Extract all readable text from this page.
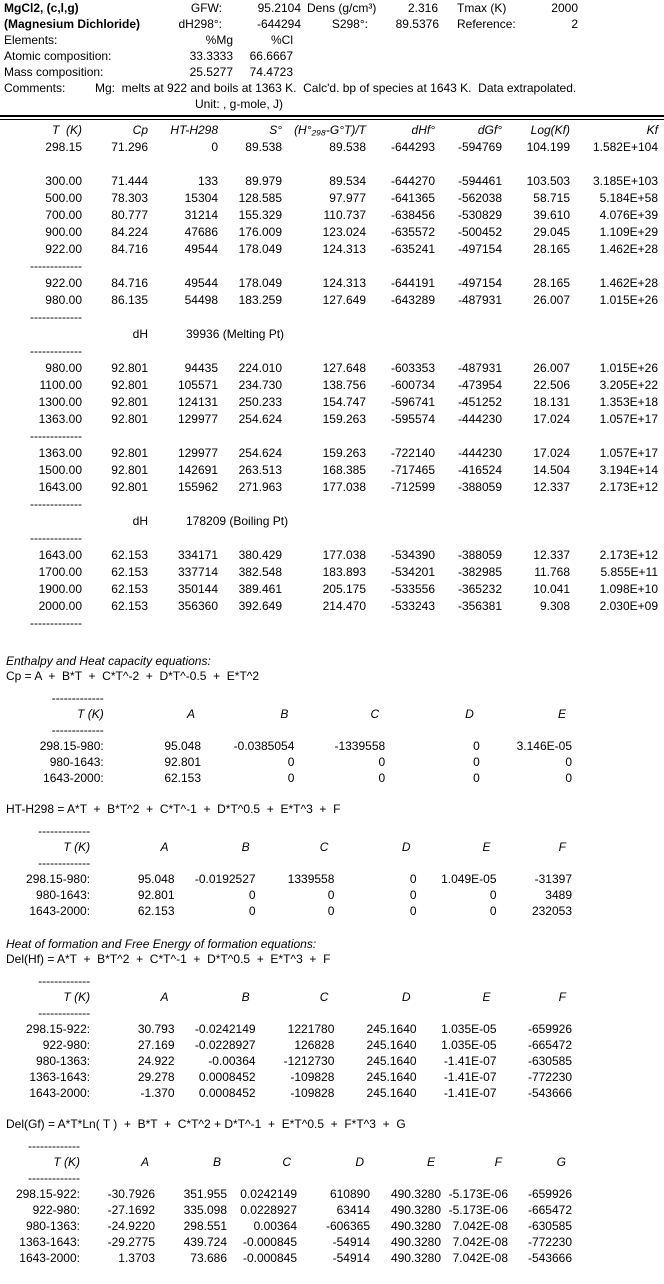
MgCl2, (c,l,g)	GFW:	95.2104 Dens (g/cm³)	2.316 Tmax (K)	2000
(Magnesium Dichloride)	dH298°:	-644294	S298°: 89.5376 Reference:	2
Elements:	%Mg	%Cl
Atomic composition:	33.3333 66.6667
Mass composition:	25.5277 74.4723
Comments: Mg:  melts at 922 and boils at 1363 K.  Calc'd. bp of species at 1643 K.  Data extrapolated.
Unit: , g-mole, J)
T  (K)	Cp	HT-H298	S°	(H°₂₉₈-G°T)/T	dHf°	dGf°	Log(Kf)	Kf
298.15	71.296	0	89.538	89.538	-644293	-594769	104.199	1.582E+104

300.00	71.444	133	89.979	89.534	-644270	-594461	103.503	3.185E+103
500.00	78.303	15304	128.585	97.977	-641365	-562038	58.715	5.184E+58
700.00	80.777	31214	155.329	110.737	-638456	-530829	39.610	4.076E+39
900.00	84.224	47686	176.009	123.024	-635572	-500452	29.045	1.109E+29
922.00	84.716	49544	178.049	124.313	-635241	-497154	28.165	1.462E+28
-------------								
922.00	84.716	49544	178.049	124.313	-644191	-497154	28.165	1.462E+28
980.00	86.135	54498	183.259	127.649	-643289	-487931	26.007	1.015E+26
-------------								
	dH	39936 (Melting Pt)						
-------------								
980.00	92.801	94435	224.010	127.648	-603353	-487931	26.007	1.015E+26
1100.00	92.801	105571	234.730	138.756	-600734	-473954	22.506	3.205E+22
1300.00	92.801	124131	250.233	154.747	-596741	-451252	18.131	1.353E+18
1363.00	92.801	129977	254.624	159.263	-595574	-444230	17.024	1.057E+17
-------------								
1363.00	92.801	129977	254.624	159.263	-722140	-444230	17.024	1.057E+17
1500.00	92.801	142691	263.513	168.385	-717465	-416524	14.504	3.194E+14
1643.00	92.801	155962	271.963	177.038	-712599	-388059	12.337	2.173E+12
-------------								
	dH	178209 (Boiling Pt)						
-------------								
1643.00	62.153	334171	380.429	177.038	-534390	-388059	12.337	2.173E+12
1700.00	62.153	337714	382.548	183.893	-534201	-382985	11.768	5.855E+11
1900.00	62.153	350144	389.461	205.175	-533556	-365232	10.041	1.098E+10
2000.00	62.153	356360	392.649	214.470	-533243	-356381	9.308	2.030E+09
-------------								
Enthalpy and Heat capacity equations:
Cp = A  +  B*T  +  C*T^-2  +  D*T^-0.5  +  E*T^2
-------------					
T (K)	A	B	C	D	E
-------------					
298.15-980:	95.048	-0.0385054	-1339558	0	3.146E-05
980-1643:	92.801	0	0	0	0
1643-2000:	62.153	0	0	0	0
HT-H298 = A*T  +  B*T^2  +  C*T^-1  +  D*T^0.5  +  E*T^3  +  F
-------------						
T (K)	A	B	C	D	E	F
-------------						
298.15-980:	95.048	-0.0192527	1339558	0	1.049E-05	-31397
980-1643:	92.801	0	0	0	0	3489
1643-2000:	62.153	0	0	0	0	232053
Heat of formation and Free Energy of formation equations:
Del(Hf) = A*T  +  B*T^2  +  C*T^-1  +  D*T^0.5  +  E*T^3  +  F
-------------						
T (K)	A	B	C	D	E	F
-------------						
298.15-922:	30.793	-0.0242149	1221780	245.1640	1.035E-05	-659926
922-980:	27.169	-0.0228927	126828	245.1640	1.035E-05	-665472
980-1363:	24.922	-0.00364	-1212730	245.1640	-1.41E-07	-630585
1363-1643:	29.278	0.0008452	-109828	245.1640	-1.41E-07	-772230
1643-2000:	-1.370	0.0008452	-109828	245.1640	-1.41E-07	-543666
Del(Gf) = A*T*Ln( T )  +  B*T  +  C*T^2 + D*T^-1  +  E*T^0.5  +  F*T^3  +  G
-------------							
T (K)	A	B	C	D	E	F	G
-------------							
298.15-922:	-30.7926	351.955	0.0242149	610890	490.3280	-5.173E-06	-659926
922-980:	-27.1692	335.098	0.0228927	63414	490.3280	-5.173E-06	-665472
980-1363:	-24.9220	298.551	0.00364	-606365	490.3280	7.042E-08	-630585
1363-1643:	-29.2775	439.724	-0.000845	-54914	490.3280	7.042E-08	-772230
1643-2000:	1.3703	73.686	-0.000845	-54914	490.3280	7.042E-08	-543666
